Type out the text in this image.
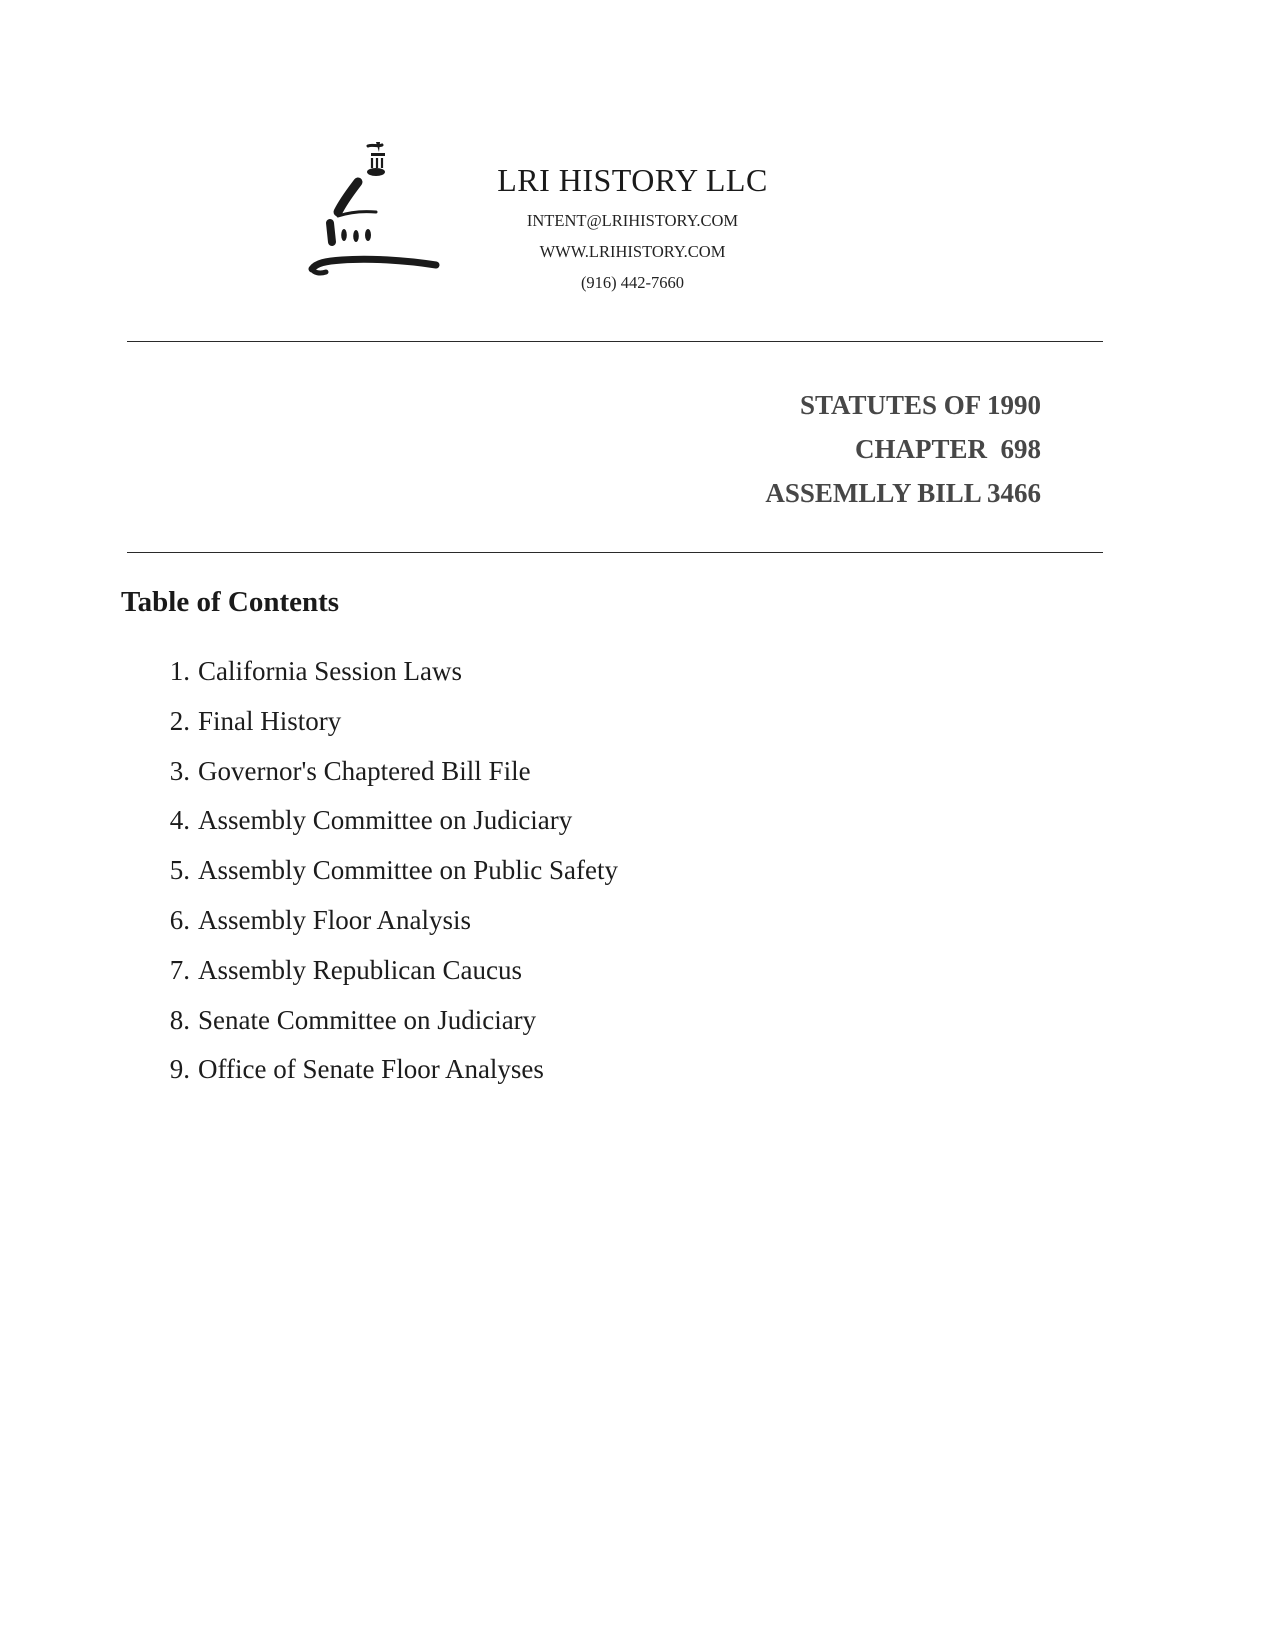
LRI HISTORY LLC
INTENT@LRIHISTORY.COM
WWW.LRIHISTORY.COM
(916) 442-7660
STATUTES OF 1990
CHAPTER  698
ASSEMLLY BILL 3466
Table of Contents
1. California Session Laws
2. Final History
3. Governor's Chaptered Bill File
4. Assembly Committee on Judiciary
5. Assembly Committee on Public Safety
6. Assembly Floor Analysis
7. Assembly Republican Caucus
8. Senate Committee on Judiciary
9. Office of Senate Floor Analyses
